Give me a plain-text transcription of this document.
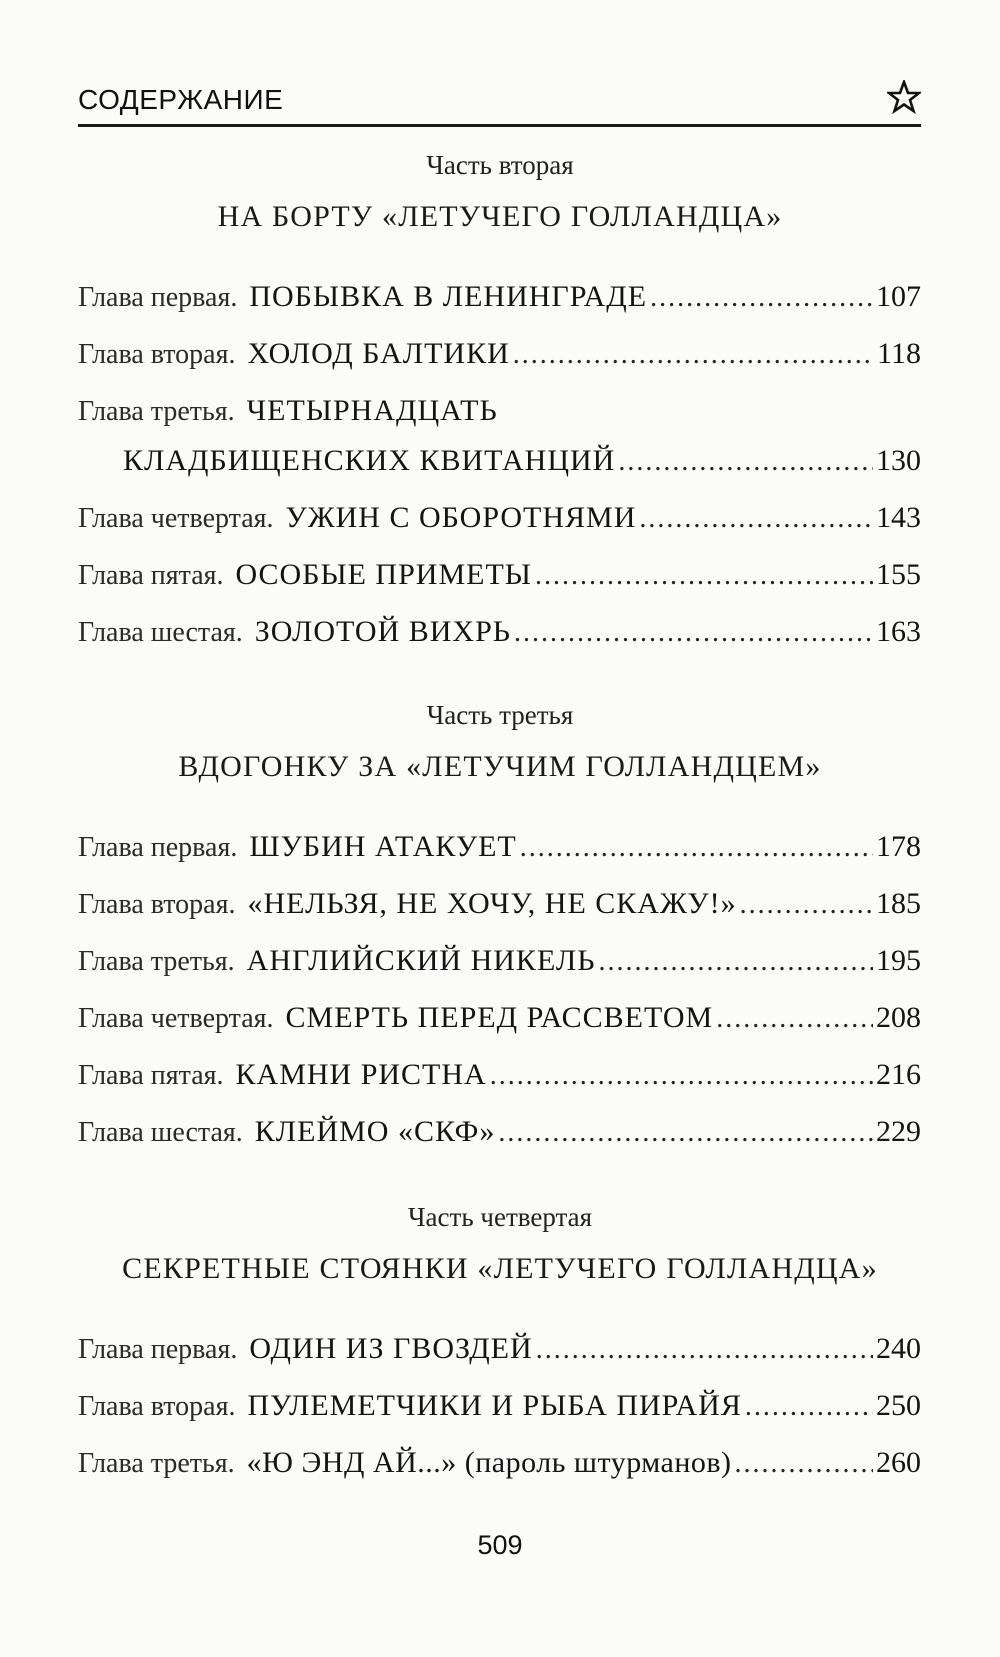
СОДЕРЖАНИЕ
Часть вторая
НА БОРТУ «ЛЕТУЧЕГО ГОЛЛАНДЦА»
Глава первая. ПОБЫВКА В ЛЕНИНГРАДЕ .....	107
Глава вторая. ХОЛОД БАЛТИКИ .....	118
Глава третья. ЧЕТЫРНАДЦАТЬ
КЛАДБИЩЕНСКИХ КВИТАНЦИЙ .....	130
Глава четвертая. УЖИН С ОБОРОТНЯМИ .....	143
Глава пятая. ОСОБЫЕ ПРИМЕТЫ .....	155
Глава шестая. ЗОЛОТОЙ ВИХРЬ .....	163
Часть третья
ВДОГОНКУ ЗА «ЛЕТУЧИМ ГОЛЛАНДЦЕМ»
Глава первая. ШУБИН АТАКУЕТ .....	178
Глава вторая. «НЕЛЬЗЯ, НЕ ХОЧУ, НЕ СКАЖУ!» .....	185
Глава третья. АНГЛИЙСКИЙ НИКЕЛЬ .....	195
Глава четвертая. СМЕРТЬ ПЕРЕД РАССВЕТОМ .....	208
Глава пятая. КАМНИ РИСТНА .....	216
Глава шестая. КЛЕЙМО «СКФ» .....	229
Часть четвертая
СЕКРЕТНЫЕ СТОЯНКИ «ЛЕТУЧЕГО ГОЛЛАНДЦА»
Глава первая. ОДИН ИЗ ГВОЗДЕЙ .....	240
Глава вторая. ПУЛЕМЕТЧИКИ И РЫБА ПИРАЙЯ .....	250
Глава третья. «Ю ЭНД АЙ...» (пароль штурманов) .....	260
509
